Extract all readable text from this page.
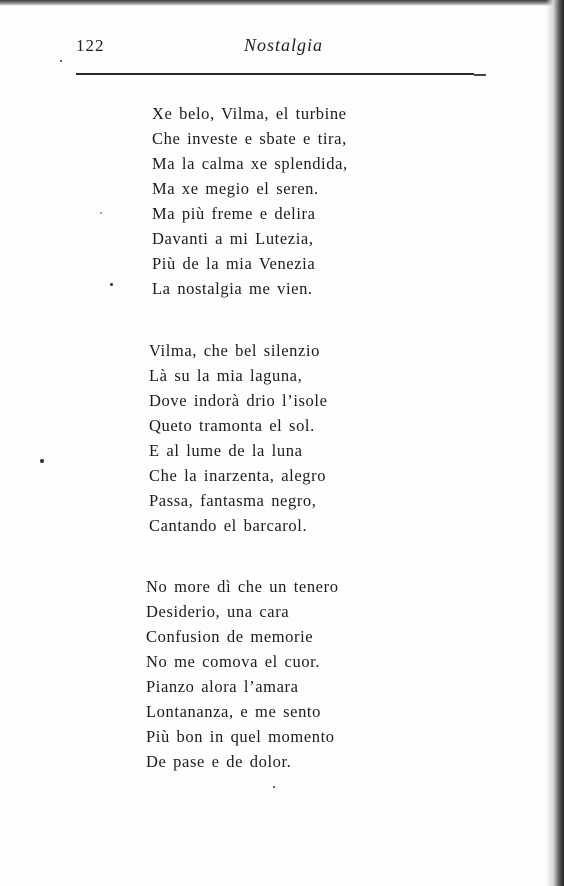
122	Nostalgia
Xe belo, Vilma, el turbine
Che investe e sbate e tira,
Ma la calma xe splendida,
Ma xe megio el seren.
Ma più freme e delira
Davanti a mi Lutezia,
Più de la mia Venezia
La nostalgia me vien.
Vilma, che bel silenzio
Là su la mia laguna,
Dove indorà drio l’isole
Queto tramonta el sol.
E al lume de la luna
Che la inarzenta, alegro
Passa, fantasma negro,
Cantando el barcarol.
No more dì che un tenero
Desiderio, una cara
Confusion de memorie
No me comova el cuor.
Pianzo alora l’amara
Lontananza, e me sento
Più bon in quel momento
De pase e de dolor.
